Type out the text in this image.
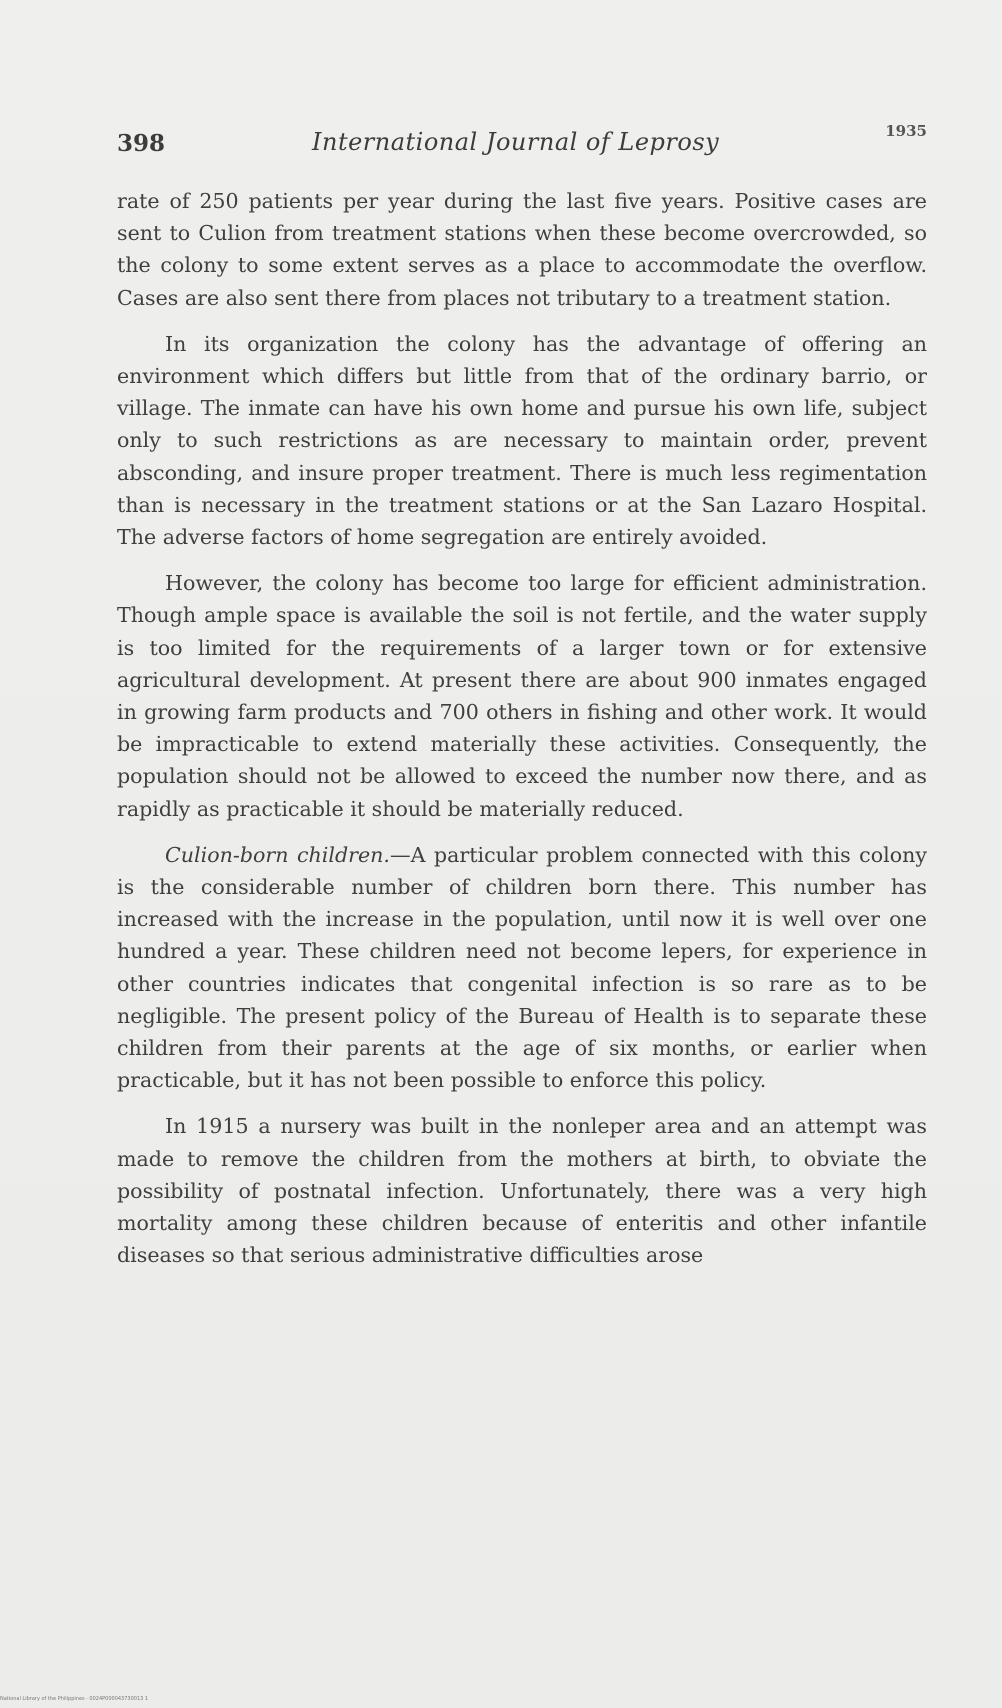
398	International Journal of Leprosy	1935

rate of 250 patients per year during the last five years. Positive cases are sent to Culion from treatment stations when these become overcrowded, so the colony to some extent serves as a place to accommodate the overflow. Cases are also sent there from places not tributary to a treatment station.

In its organization the colony has the advantage of offering an environment which differs but little from that of the ordinary barrio, or village. The inmate can have his own home and pursue his own life, subject only to such restrictions as are necessary to maintain order, prevent absconding, and insure proper treatment. There is much less regimentation than is necessary in the treatment stations or at the San Lazaro Hospital. The adverse factors of home segregation are entirely avoided.

However, the colony has become too large for efficient administration. Though ample space is available the soil is not fertile, and the water supply is too limited for the requirements of a larger town or for extensive agricultural development. At present there are about 900 inmates engaged in growing farm products and 700 others in fishing and other work. It would be impracticable to extend materially these activities. Consequently, the population should not be allowed to exceed the number now there, and as rapidly as practicable it should be materially reduced.

Culion-born children.—A particular problem connected with this colony is the considerable number of children born there. This number has increased with the increase in the population, until now it is well over one hundred a year. These children need not become lepers, for experience in other countries indicates that congenital infection is so rare as to be negligible. The present policy of the Bureau of Health is to separate these children from their parents at the age of six months, or earlier when practicable, but it has not been possible to enforce this policy.

In 1915 a nursery was built in the nonleper area and an attempt was made to remove the children from the mothers at birth, to obviate the possibility of postnatal infection. Unfortunately, there was a very high mortality among these children because of enteritis and other infantile diseases so that serious administrative difficulties arose

National Library of the Philippines · 0024P000043730013 1
